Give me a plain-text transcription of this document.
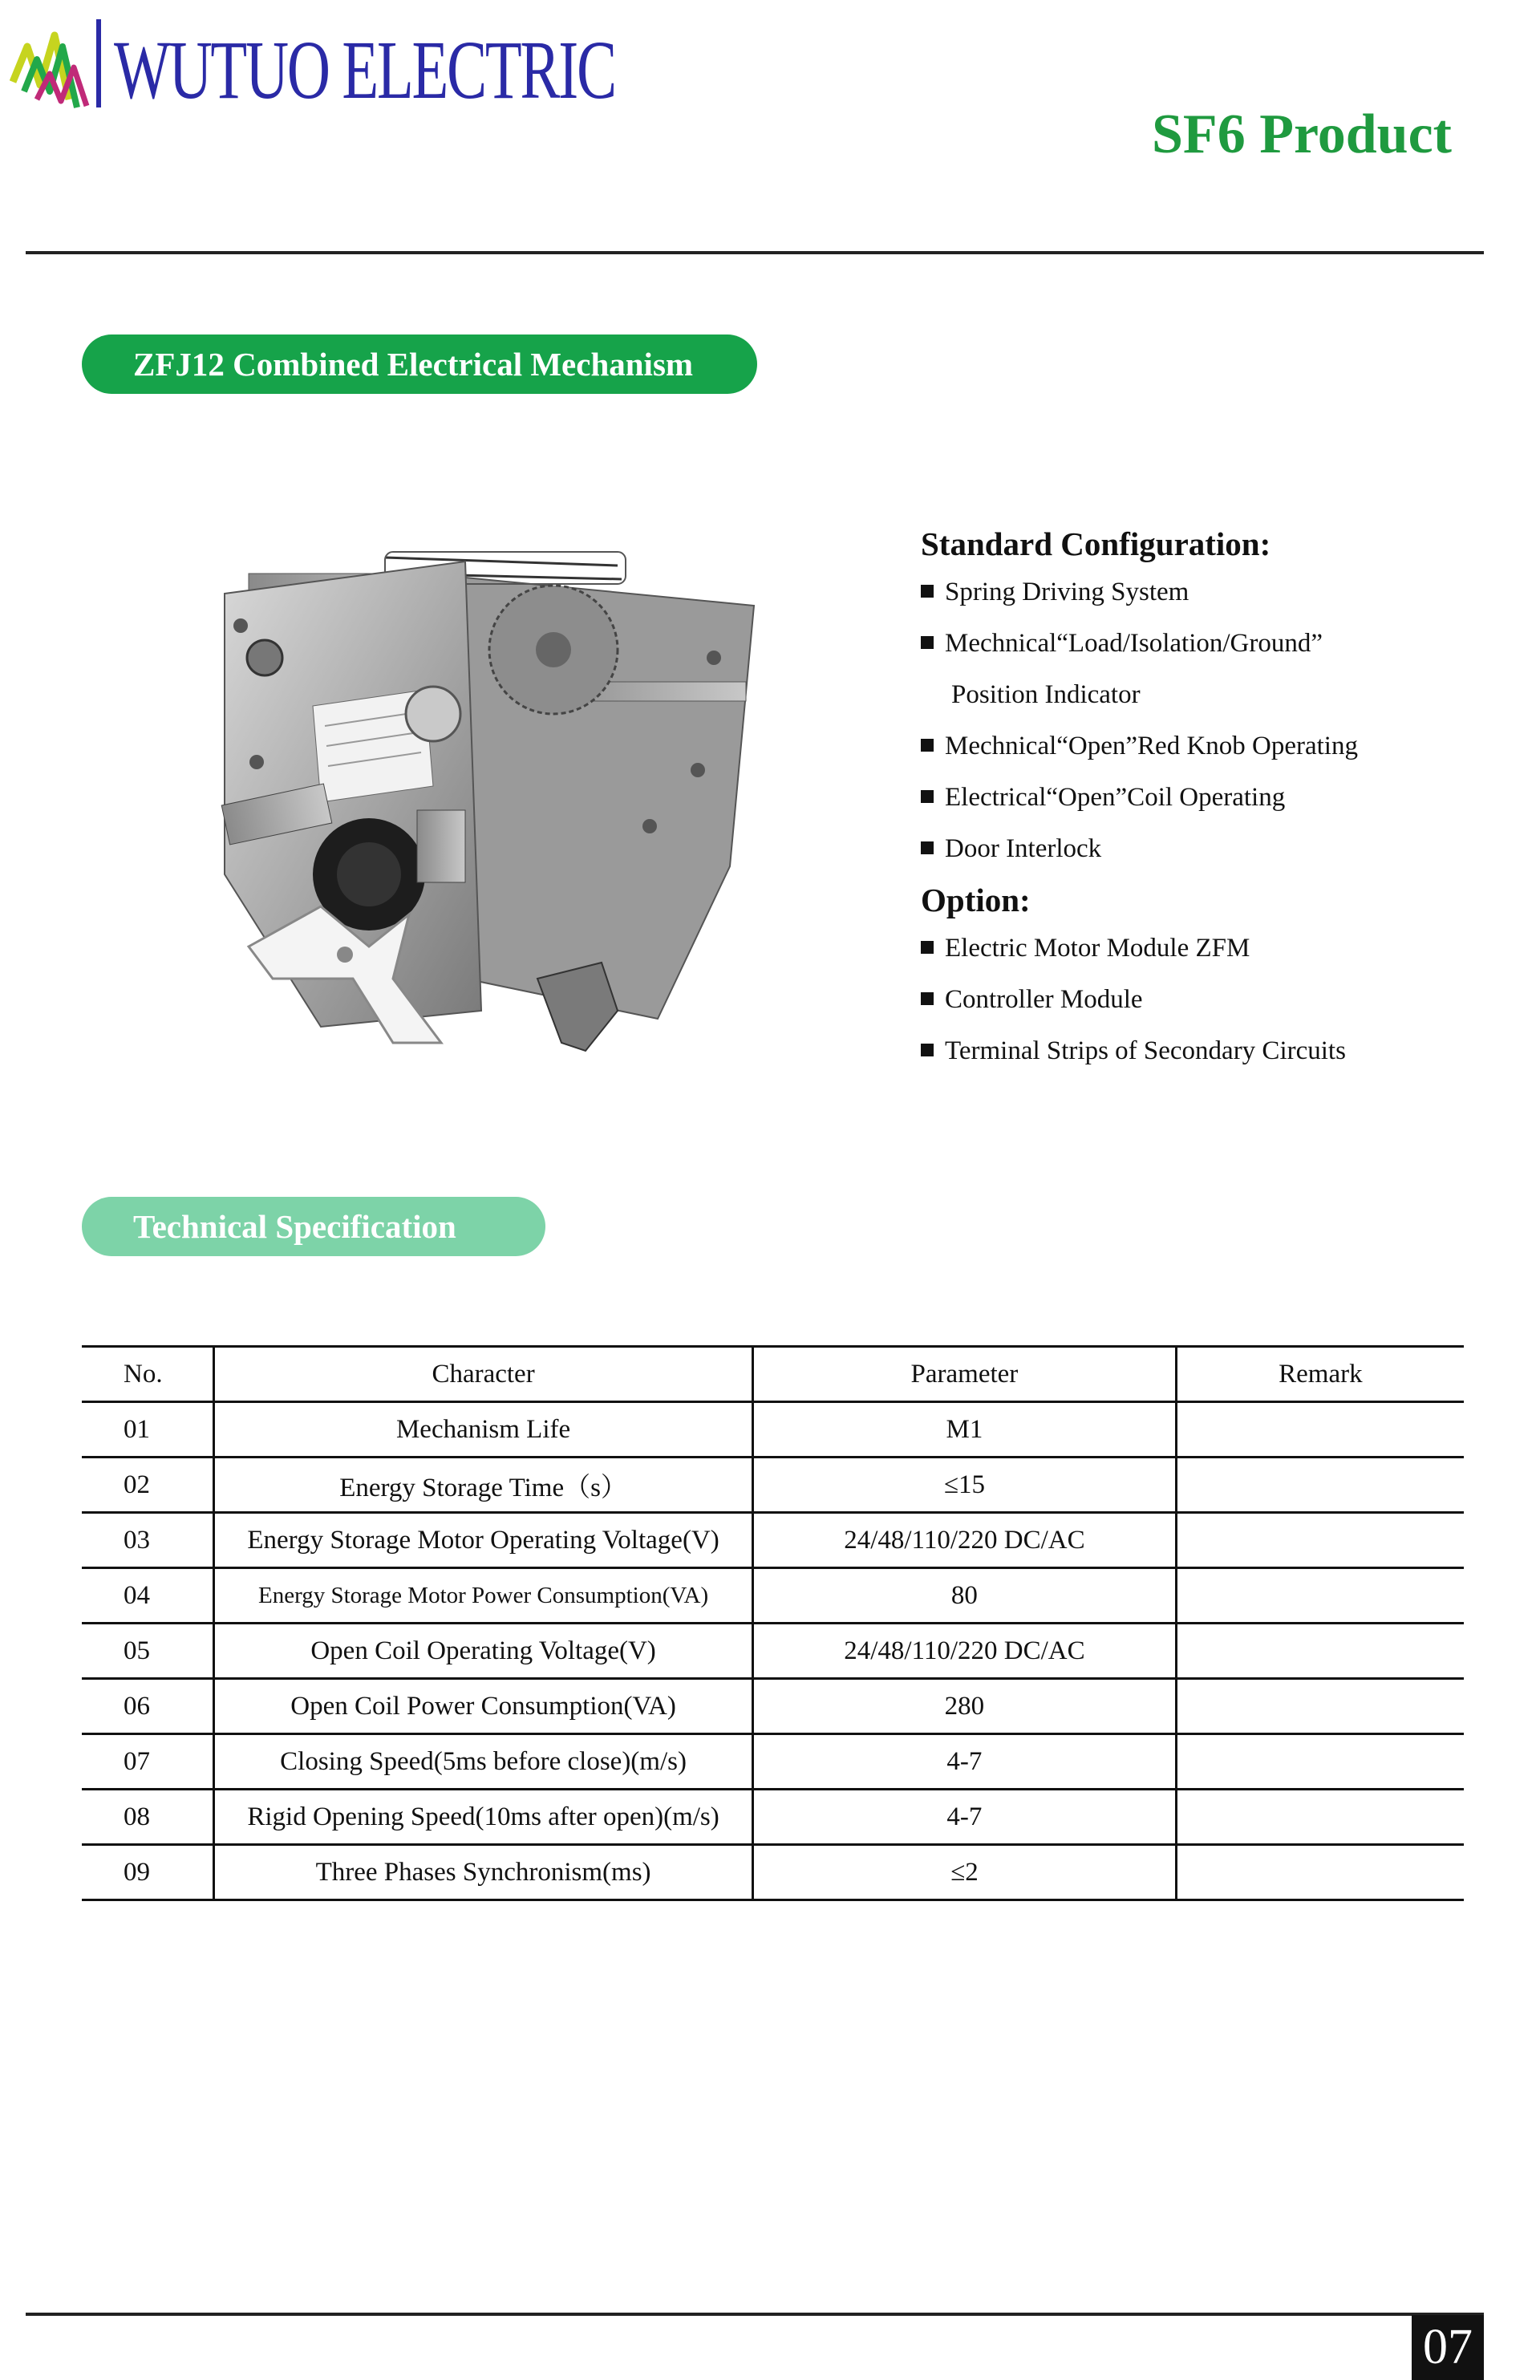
WUTUO ELECTRIC
SF6 Product
ZFJ12 Combined Electrical Mechanism
Standard Configuration:
Spring Driving System
Mechnical“Load/Isolation/Ground”
Position Indicator
Mechnical“Open”Red Knob Operating
Electrical“Open”Coil Operating
Door Interlock
Option:
Electric Motor Module ZFM
Controller Module
Terminal Strips of Secondary Circuits
Technical Specification
No.	Character	Parameter	Remark
01	Mechanism Life	M1	
02	Energy Storage Time（s）	≤15	
03	Energy Storage Motor Operating Voltage(V)	24/48/110/220 DC/AC	
04	Energy Storage Motor Power Consumption(VA)	80	
05	Open Coil Operating Voltage(V)	24/48/110/220 DC/AC	
06	Open Coil Power Consumption(VA)	280	
07	Closing Speed(5ms before close)(m/s)	4-7	
08	Rigid Opening Speed(10ms after open)(m/s)	4-7	
09	Three Phases Synchronism(ms)	≤2	
07
